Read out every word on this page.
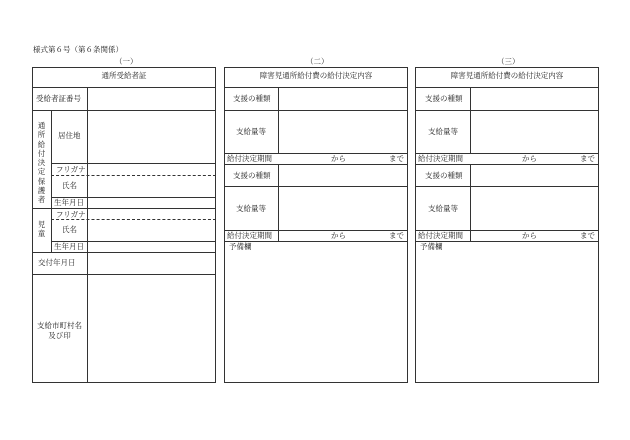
様式第６号（第６条関係）
（一）
通所受給者証
受給者証番号
通所給付決定保護者
居住地
フリガナ
氏名
生年月日
児童
フリガナ
氏名
生年月日
交付年月日
支給市町村名
及び印
（二）
障害児通所給付費の給付決定内容
支援の種類
支給量等
給付決定期間	から	まで
支援の種類
支給量等
給付決定期間	から	まで
予備欄
（三）
障害児通所給付費の給付決定内容
支援の種類
支給量等
給付決定期間	から	まで
支援の種類
支給量等
給付決定期間	から	まで
予備欄
